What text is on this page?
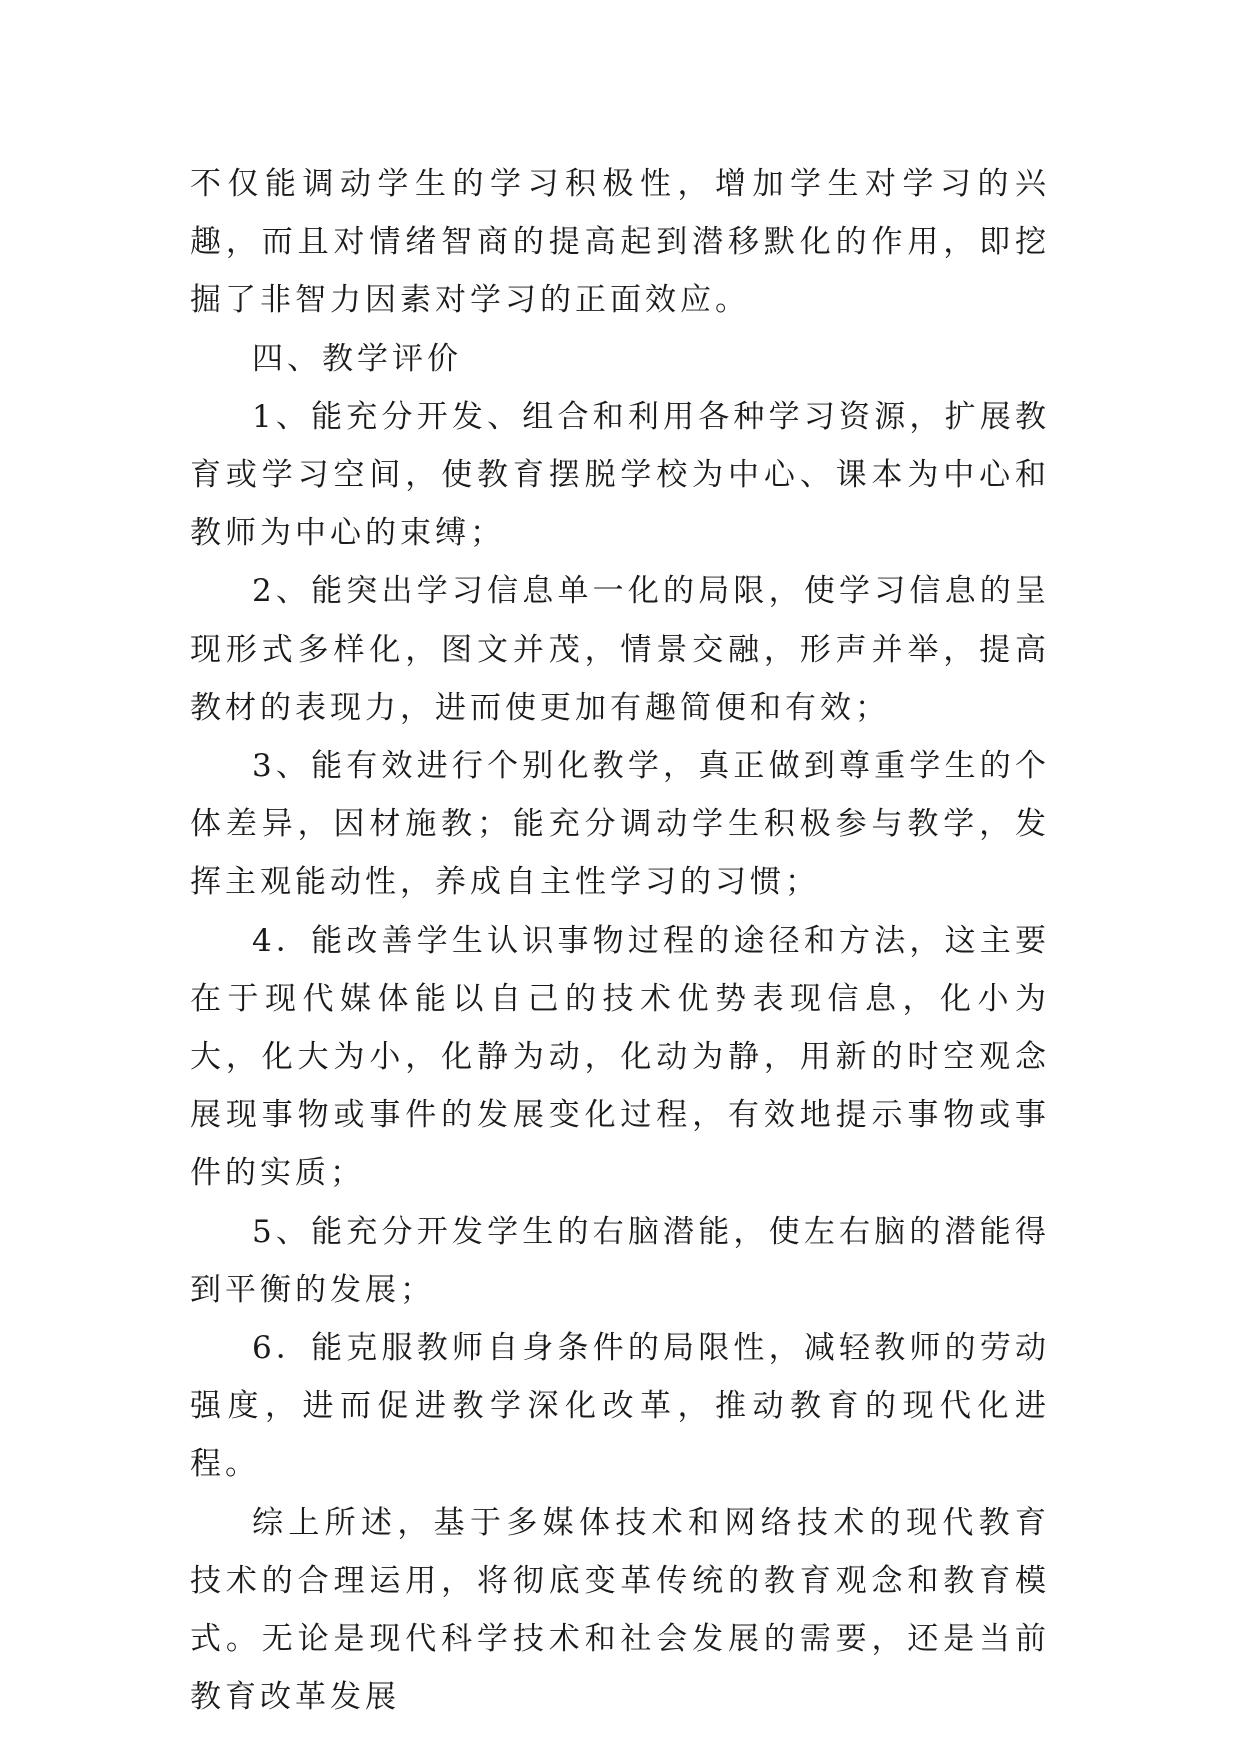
不仅能调动学生的学习积极性，增加学生对学习的兴趣，而且对情绪智商的提高起到潜移默化的作用，即挖掘了非智力因素对学习的正面效应。

四、教学评价

1、能充分开发、组合和利用各种学习资源，扩展教育或学习空间，使教育摆脱学校为中心、课本为中心和教师为中心的束缚；

2、能突出学习信息单一化的局限，使学习信息的呈现形式多样化，图文并茂，情景交融，形声并举，提高教材的表现力，进而使更加有趣简便和有效；

3、能有效进行个别化教学，真正做到尊重学生的个体差异，因材施教；能充分调动学生积极参与教学，发挥主观能动性，养成自主性学习的习惯；

4．能改善学生认识事物过程的途径和方法，这主要在于现代媒体能以自己的技术优势表现信息，化小为大，化大为小，化静为动，化动为静，用新的时空观念展现事物或事件的发展变化过程，有效地提示事物或事件的实质；

5、能充分开发学生的右脑潜能，使左右脑的潜能得到平衡的发展；

6．能克服教师自身条件的局限性，减轻教师的劳动强度，进而促进教学深化改革，推动教育的现代化进程。

综上所述，基于多媒体技术和网络技术的现代教育技术的合理运用，将彻底变革传统的教育观念和教育模式。无论是现代科学技术和社会发展的需要，还是当前教育改革发展
